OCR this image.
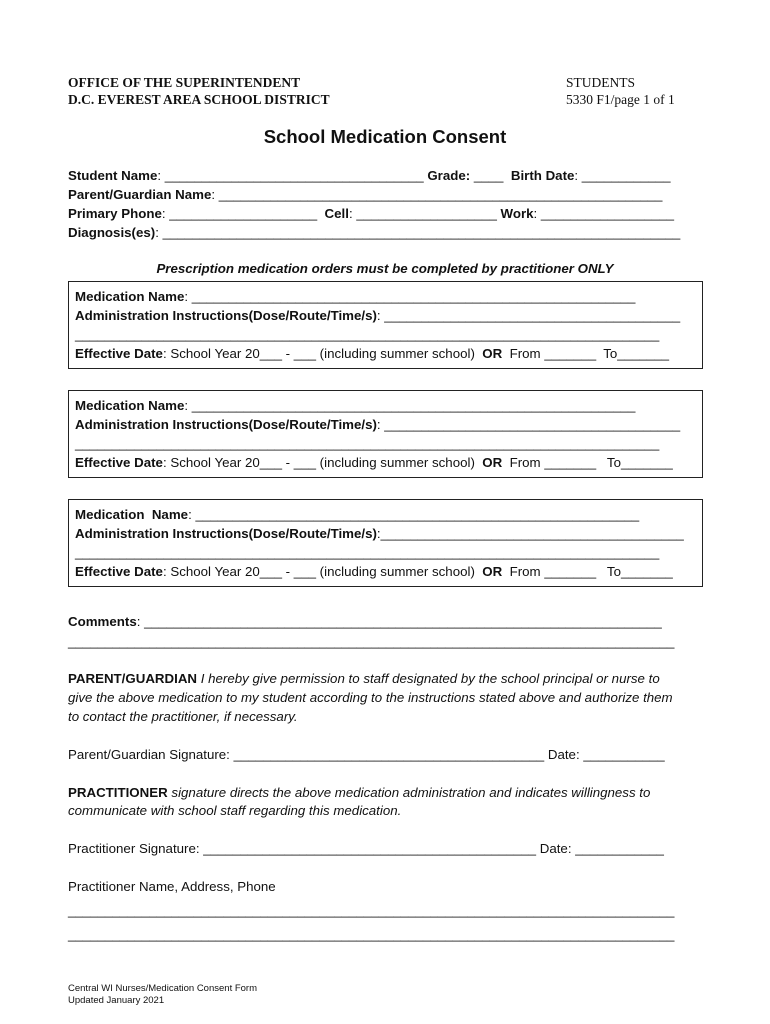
OFFICE OF THE SUPERINTENDENT
D.C. EVEREST AREA SCHOOL DISTRICT
STUDENTS
5330 F1/page 1 of 1
School Medication Consent
Student Name: ___________________________________ Grade: ____  Birth Date: ____________
Parent/Guardian Name: ____________________________________________________________
Primary Phone: ____________________  Cell: ___________________ Work: __________________
Diagnosis(es): ______________________________________________________________________
Prescription medication orders must be completed by practitioner ONLY
Medication Name: ____________________________________________________________
Administration Instructions(Dose/Route/Time/s): ________________________________________
_______________________________________________________________________________
Effective Date: School Year 20___ - ___ (including summer school)  OR  From _______  To_______
Medication Name: ____________________________________________________________
Administration Instructions(Dose/Route/Time/s): ________________________________________
_______________________________________________________________________________
Effective Date: School Year 20___ - ___ (including summer school)  OR  From _______   To_______
Medication  Name: ____________________________________________________________
Administration Instructions(Dose/Route/Time/s):_________________________________________
_______________________________________________________________________________
Effective Date: School Year 20___ - ___ (including summer school)  OR  From _______   To_______
Comments: ______________________________________________________________________
__________________________________________________________________________________
PARENT/GUARDIAN I hereby give permission to staff designated by the school principal or nurse to
give the above medication to my student according to the instructions stated above and authorize them
to contact the practitioner, if necessary.
Parent/Guardian Signature: __________________________________________ Date: ___________
PRACTITIONER signature directs the above medication administration and indicates willingness to
communicate with school staff regarding this medication.
Practitioner Signature: _____________________________________________ Date: ____________
Practitioner Name, Address, Phone
__________________________________________________________________________________
__________________________________________________________________________________
Central WI Nurses/Medication Consent Form
Updated January 2021
